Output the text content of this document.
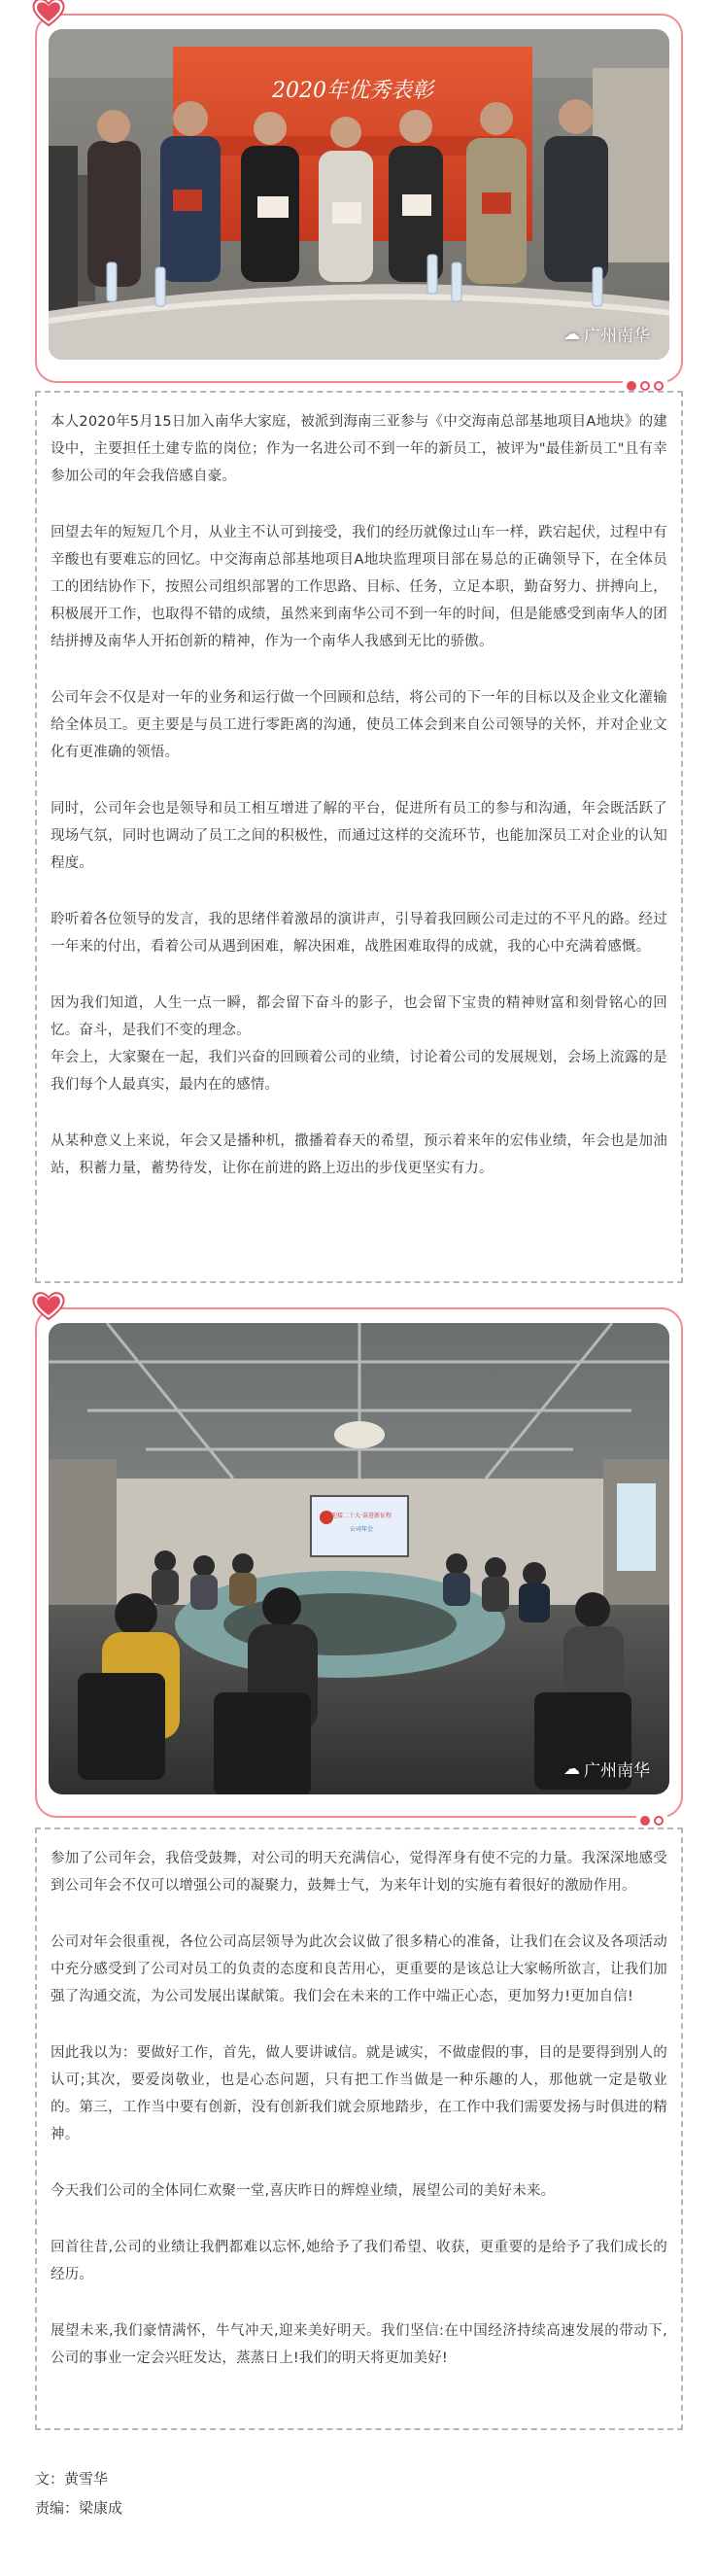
2020年优秀表彰
☁ 广州南华

本人2020年5月15日加入南华大家庭，被派到海南三亚参与《中交海南总部基地项目A地块》的建设中，主要担任土建专监的岗位；作为一名进公司不到一年的新员工，被评为"最佳新员工"且有幸参加公司的年会我倍感自豪。

回望去年的短短几个月，从业主不认可到接受，我们的经历就像过山车一样，跌宕起伏，过程中有辛酸也有要难忘的回忆。中交海南总部基地项目A地块监理项目部在易总的正确领导下，在全体员工的团结协作下，按照公司组织部署的工作思路、目标、任务，立足本职，勤奋努力、拼搏向上，积极展开工作，也取得不错的成绩，虽然来到南华公司不到一年的时间，但是能感受到南华人的团结拼搏及南华人开拓创新的精神，作为一个南华人我感到无比的骄傲。

公司年会不仅是对一年的业务和运行做一个回顾和总结，将公司的下一年的目标以及企业文化灌输给全体员工。更主要是与员工进行零距离的沟通，使员工体会到来自公司领导的关怀，并对企业文化有更准确的领悟。

同时，公司年会也是领导和员工相互增进了解的平台，促进所有员工的参与和沟通，年会既活跃了现场气氛，同时也调动了员工之间的积极性，而通过这样的交流环节，也能加深员工对企业的认知程度。

聆听着各位领导的发言，我的思绪伴着激昂的演讲声，引导着我回顾公司走过的不平凡的路。经过一年来的付出，看着公司从遇到困难，解决困难，战胜困难取得的成就，我的心中充满着感慨。

因为我们知道，人生一点一瞬，都会留下奋斗的影子，也会留下宝贵的精神财富和刻骨铭心的回忆。奋斗，是我们不变的理念。

年会上，大家聚在一起，我们兴奋的回顾着公司的业绩，讨论着公司的发展规划，会场上流露的是我们每个人最真实，最内在的感情。

从某种意义上来说，年会又是播种机，撒播着春天的希望，预示着来年的宏伟业绩，年会也是加油站，积蓄力量，蓄势待发，让你在前进的路上迈出的步伐更坚实有力。

迎接二十大·奋进新征程
公司年会
☁ 广州南华

参加了公司年会，我倍受鼓舞，对公司的明天充满信心，觉得浑身有使不完的力量。我深深地感受到公司年会不仅可以增强公司的凝聚力，鼓舞士气，为来年计划的实施有着很好的激励作用。

公司对年会很重视，各位公司高层领导为此次会议做了很多精心的准备，让我们在会议及各项活动中充分感受到了公司对员工的负责的态度和良苦用心，更重要的是该总让大家畅所欲言，让我们加强了沟通交流，为公司发展出谋献策。我们会在未来的工作中端正心态，更加努力!更加自信!

因此我以为：要做好工作，首先，做人要讲诚信。就是诚实，不做虚假的事，目的是要得到别人的认可;其次，要爱岗敬业，也是心态问题，只有把工作当做是一种乐趣的人，那他就一定是敬业的。第三，工作当中要有创新，没有创新我们就会原地踏步，在工作中我们需要发扬与时俱进的精神。

今天我们公司的全体同仁欢聚一堂,喜庆昨日的辉煌业绩，展望公司的美好未来。

回首往昔,公司的业绩让我們都难以忘怀,她给予了我们希望、收获，更重要的是给予了我们成长的经历。

展望未来,我们豪情满怀，牛气冲天,迎来美好明天。我们坚信:在中国经济持续高速发展的带动下,公司的事业一定会兴旺发达，蒸蒸日上!我们的明天将更加美好!

文：黄雪华
责编：梁康成
